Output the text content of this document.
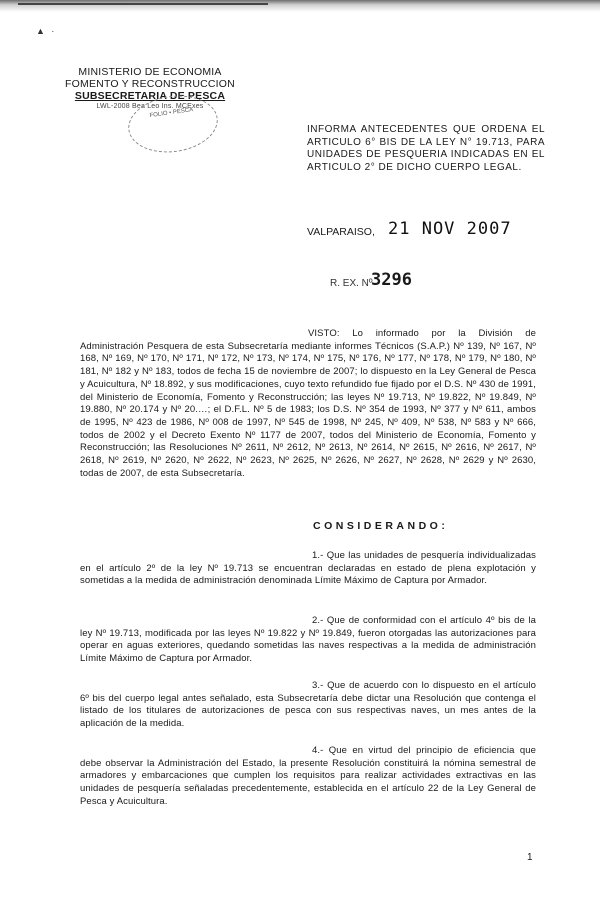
▲ ·
MINISTERIO DE ECONOMIA
FOMENTO Y RECONSTRUCCION
SUBSECRETARIA DE PESCA
LWL-2008 Bea Leo Ins. MCExes
FOLIO • PESCA
INFORMA ANTECEDENTES QUE ORDENA EL ARTICULO 6° BIS DE LA LEY N° 19.713, PARA UNIDADES DE PESQUERIA INDICADAS EN EL ARTICULO 2° DE DICHO CUERPO LEGAL.
VALPARAISO, 21 NOV 2007
R. EX. Nº
3296
VISTO: Lo informado por la División de Administración Pesquera de esta Subsecretaría mediante informes Técnicos (S.A.P.) Nº 139, Nº 167, Nº 168, Nº 169, Nº 170, Nº 171, Nº 172, Nº 173, Nº 174, Nº 175, Nº 176, Nº 177, Nº 178, Nº 179, Nº 180, Nº 181, Nº 182 y Nº 183, todos de fecha 15 de noviembre de 2007; lo dispuesto en la Ley General de Pesca y Acuicultura, Nº 18.892, y sus modificaciones, cuyo texto refundido fue fijado por el D.S. Nº 430 de 1991, del Ministerio de Economía, Fomento y Reconstrucción; las leyes Nº 19.713, Nº 19.822, Nº 19.849, Nº 19.880, Nº 20.174 y Nº 20.…; el D.F.L. Nº 5 de 1983; los D.S. Nº 354 de 1993, Nº 377 y Nº 611, ambos de 1995, Nº 423 de 1986, Nº 008 de 1997, Nº 545 de 1998, Nº 245, Nº 409, Nº 538, Nº 583 y Nº 666, todos de 2002 y el Decreto Exento Nº 1177 de 2007, todos del Ministerio de Economía, Fomento y Reconstrucción; las Resoluciones Nº 2611, Nº 2612, Nº 2613, Nº 2614, Nº 2615, Nº 2616, Nº 2617, Nº 2618, Nº 2619, Nº 2620, Nº 2622, Nº 2623, Nº 2625, Nº 2626, Nº 2627, Nº 2628, Nº 2629 y Nº 2630, todas de 2007, de esta Subsecretaría.
CONSIDERANDO:
1.- Que las unidades de pesquería individualizadas en el artículo 2º de la ley Nº 19.713 se encuentran declaradas en estado de plena explotación y sometidas a la medida de administración denominada Límite Máximo de Captura por Armador.
2.- Que de conformidad con el artículo 4º bis de la ley Nº 19.713, modificada por las leyes Nº 19.822 y Nº 19.849, fueron otorgadas las autorizaciones para operar en aguas exteriores, quedando sometidas las naves respectivas a la medida de administración Límite Máximo de Captura por Armador.
3.- Que de acuerdo con lo dispuesto en el artículo 6º bis del cuerpo legal antes señalado, esta Subsecretaría debe dictar una Resolución que contenga el listado de los titulares de autorizaciones de pesca con sus respectivas naves, un mes antes de la aplicación de la medida.
4.- Que en virtud del principio de eficiencia que debe observar la Administración del Estado, la presente Resolución constituirá la nómina semestral de armadores y embarcaciones que cumplen los requisitos para realizar actividades extractivas en las unidades de pesquería señaladas precedentemente, establecida en el artículo 22 de la Ley General de Pesca y Acuicultura.
1
